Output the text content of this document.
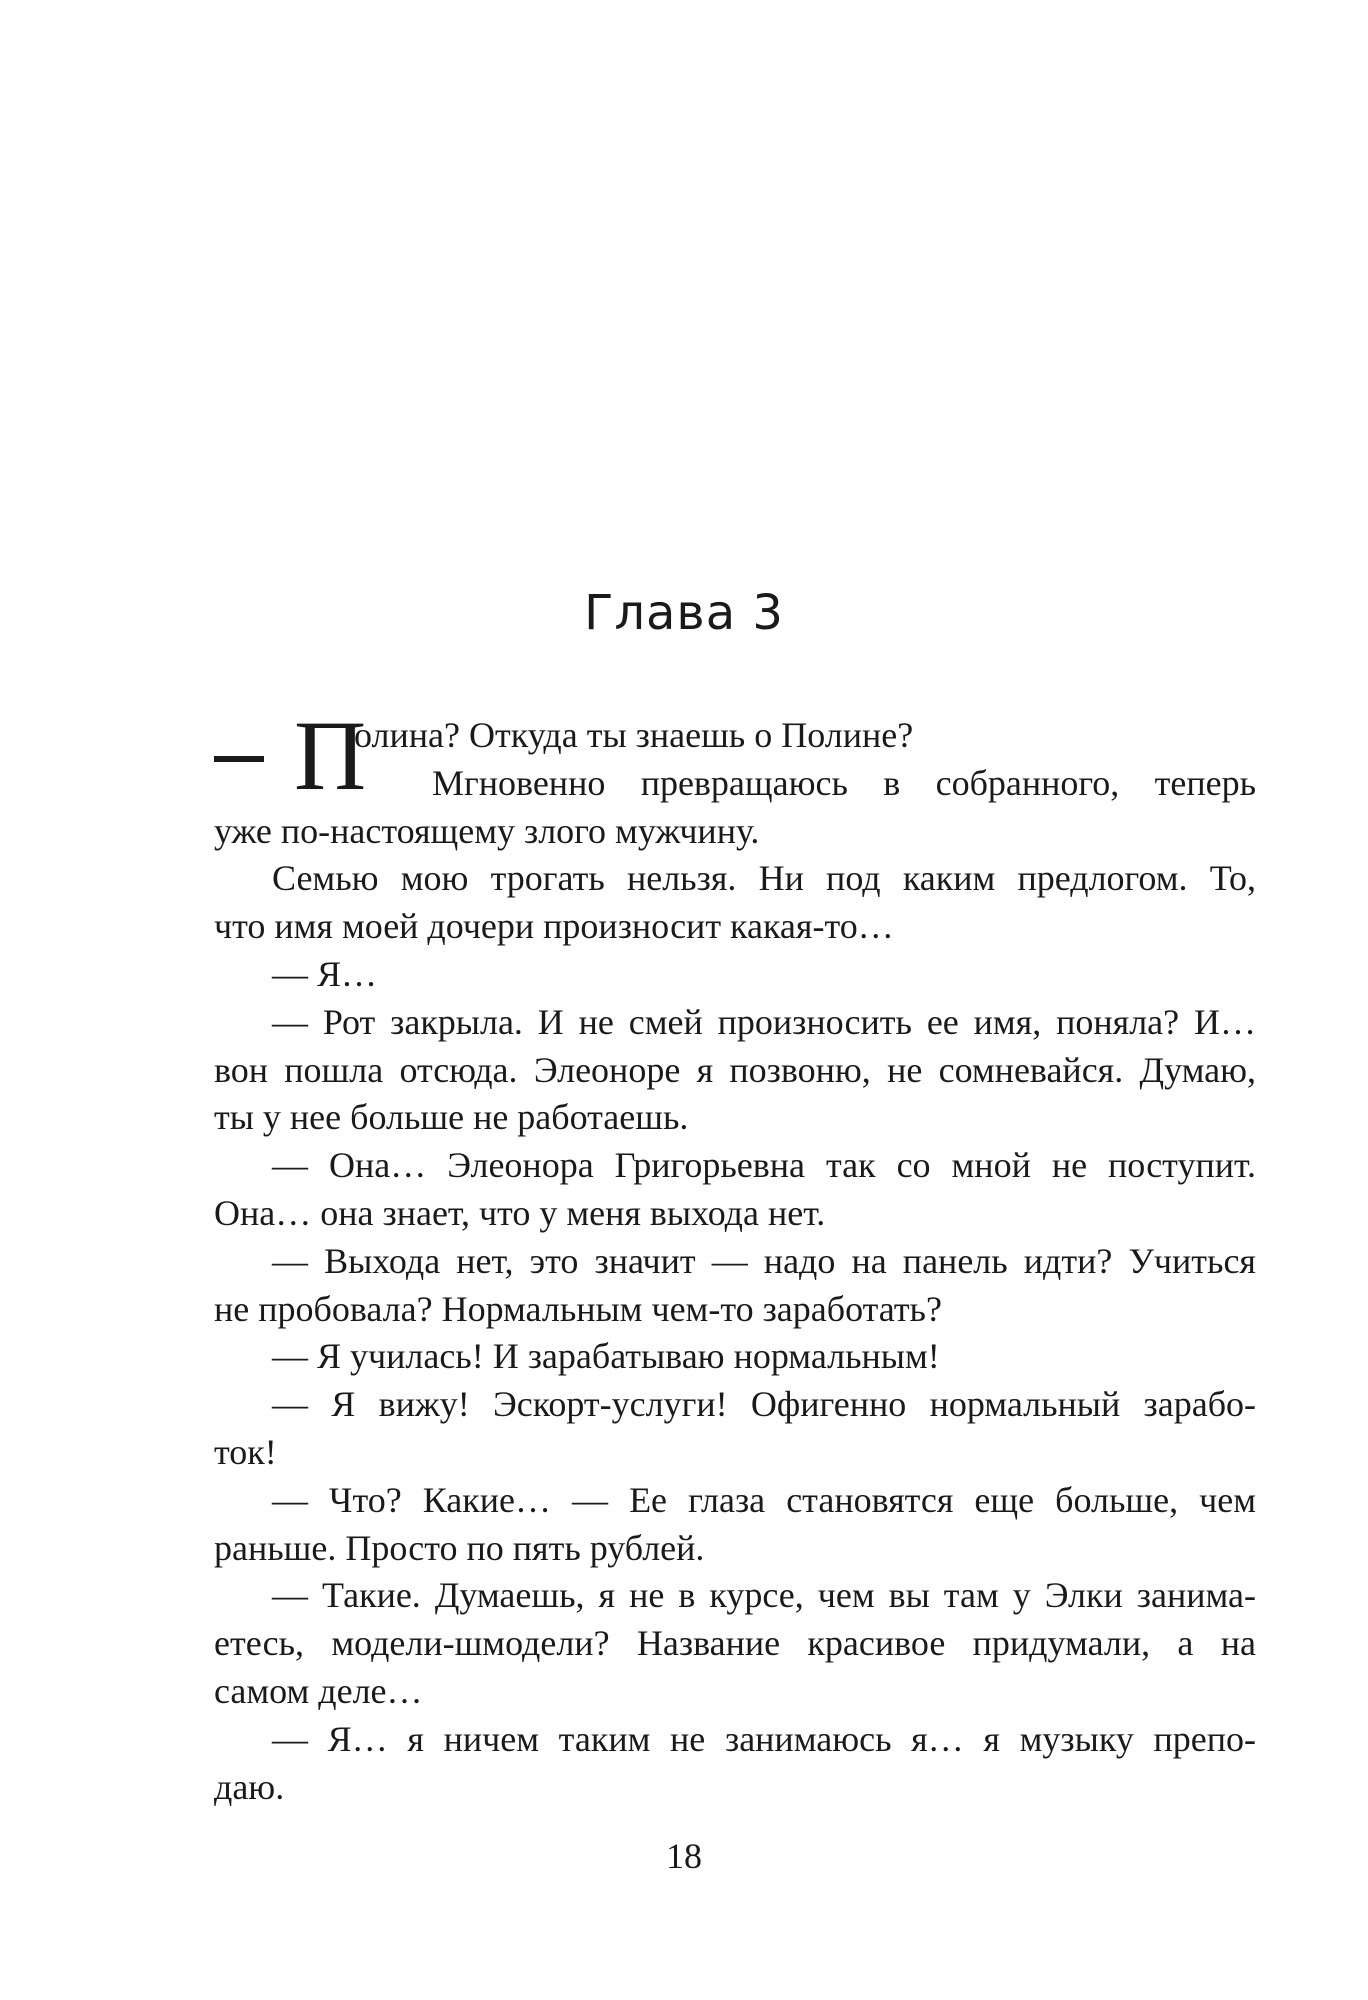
Глава 3
П
олина? Откуда ты знаешь о Полине?
Мгновенно превращаюсь в собранного, теперь
уже по-настоящему злого мужчину.
Семью мою трогать нельзя. Ни под каким предлогом. То,
что имя моей дочери произносит какая-то…
— Я…
— Рот закрыла. И не смей произносить ее имя, поняла? И…
вон пошла отсюда. Элеоноре я позвоню, не сомневайся. Думаю,
ты у нее больше не работаешь.
— Она… Элеонора Григорьевна так со мной не поступит.
Она… она знает, что у меня выхода нет.
— Выхода нет, это значит — надо на панель идти? Учиться
не пробовала? Нормальным чем-то заработать?
— Я училась! И зарабатываю нормальным!
— Я вижу! Эскорт-услуги! Офигенно нормальный зарабо-
ток!
— Что? Какие… — Ее глаза становятся еще больше, чем
раньше. Просто по пять рублей.
— Такие. Думаешь, я не в курсе, чем вы там у Элки занима-
етесь, модели-шмодели? Название красивое придумали, а на
самом деле…
— Я… я ничем таким не занимаюсь я… я музыку препо-
даю.
18
